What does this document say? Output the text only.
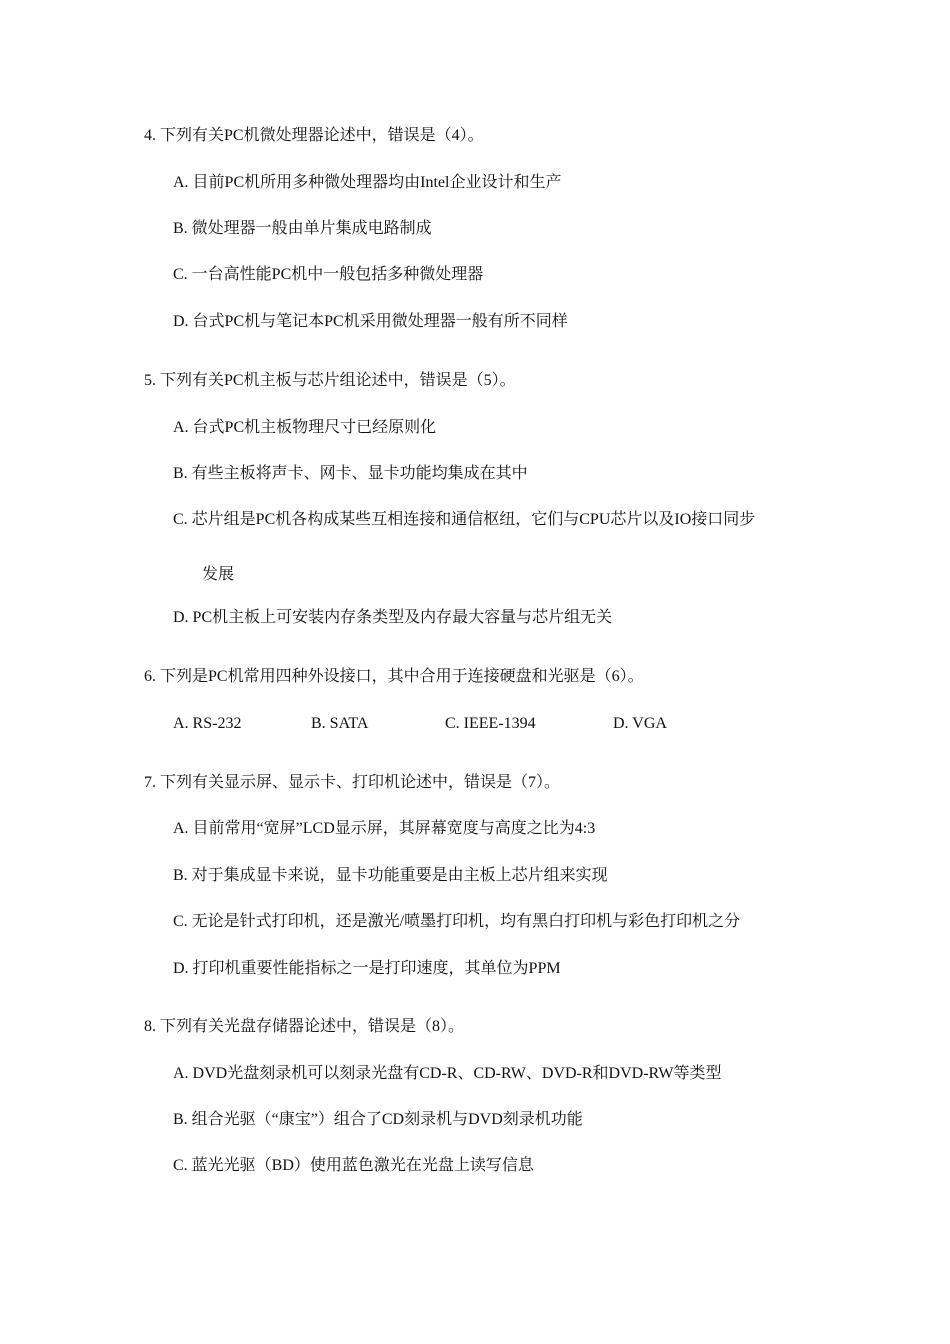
4. 下列有关PC机微处理器论述中，错误是（4）。
A. 目前PC机所用多种微处理器均由Intel企业设计和生产
B. 微处理器一般由单片集成电路制成
C. 一台高性能PC机中一般包括多种微处理器
D. 台式PC机与笔记本PC机采用微处理器一般有所不同样
5. 下列有关PC机主板与芯片组论述中，错误是（5）。
A. 台式PC机主板物理尺寸已经原则化
B. 有些主板将声卡、网卡、显卡功能均集成在其中
C. 芯片组是PC机各构成某些互相连接和通信枢纽，它们与CPU芯片以及IO接口同步
发展
D. PC机主板上可安装内存条类型及内存最大容量与芯片组无关
6. 下列是PC机常用四种外设接口，其中合用于连接硬盘和光驱是（6）。
A. RS-232	B. SATA	C. IEEE-1394	D. VGA
7. 下列有关显示屏、显示卡、打印机论述中，错误是（7）。
A. 目前常用“宽屏”LCD显示屏，其屏幕宽度与高度之比为4:3
B. 对于集成显卡来说，显卡功能重要是由主板上芯片组来实现
C. 无论是针式打印机，还是激光/喷墨打印机，均有黑白打印机与彩色打印机之分
D. 打印机重要性能指标之一是打印速度，其单位为PPM
8. 下列有关光盘存储器论述中，错误是（8）。
A. DVD光盘刻录机可以刻录光盘有CD-R、CD-RW、DVD-R和DVD-RW等类型
B. 组合光驱（“康宝”）组合了CD刻录机与DVD刻录机功能
C. 蓝光光驱（BD）使用蓝色激光在光盘上读写信息
